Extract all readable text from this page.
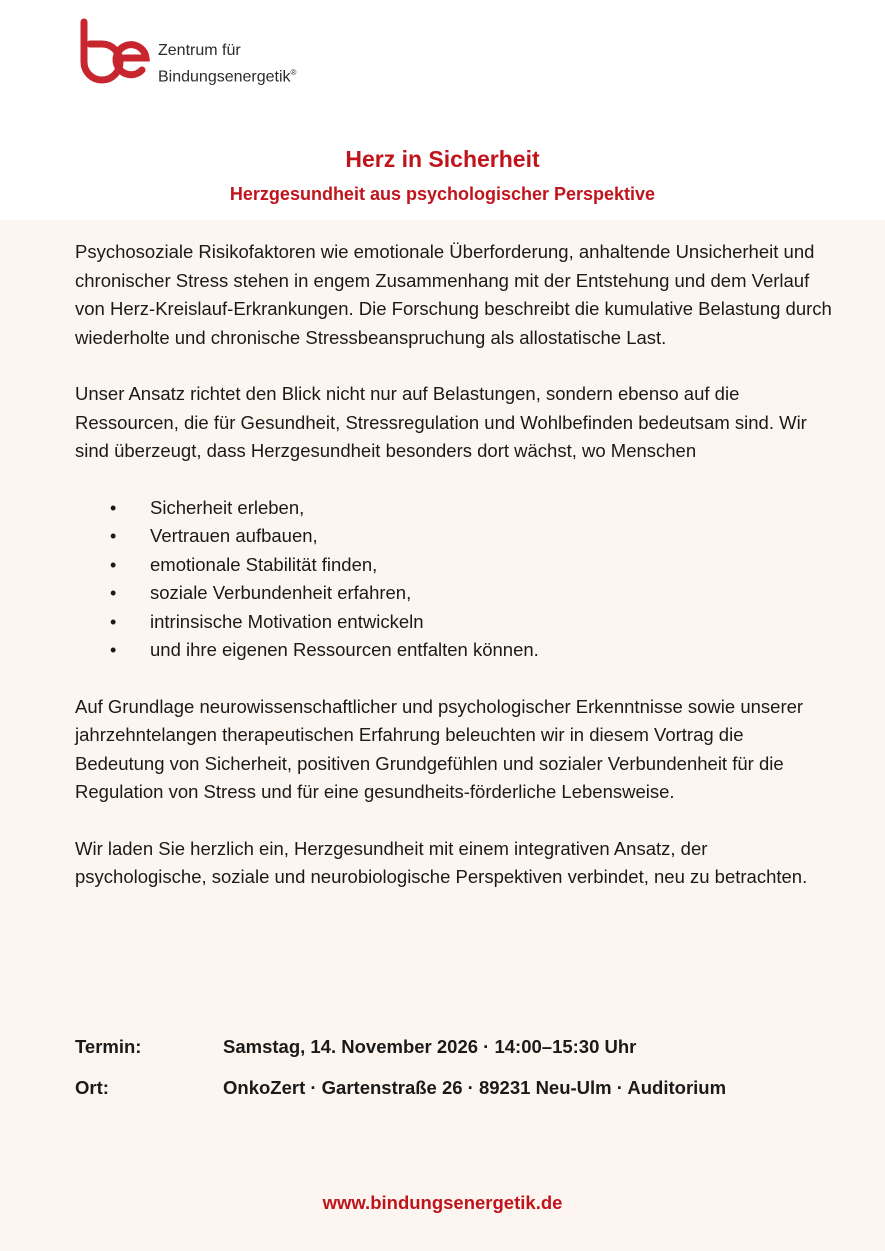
Zentrum für
Bindungsenergetik®
Herz in Sicherheit
Herzgesundheit aus psychologischer Perspektive

Psychosoziale Risikofaktoren wie emotionale Überforderung, anhaltende Unsicherheit und chronischer Stress stehen in engem Zusammenhang mit der Entstehung und dem Verlauf von Herz-Kreislauf-Erkrankungen. Die Forschung beschreibt die kumulative Belastung durch wiederholte und chronische Stressbeanspruchung als allostatische Last.

Unser Ansatz richtet den Blick nicht nur auf Belastungen, sondern ebenso auf die Ressourcen, die für Gesundheit, Stressregulation und Wohlbefinden bedeutsam sind. Wir sind überzeugt, dass Herzgesundheit besonders dort wächst, wo Menschen

• Sicherheit erleben,
• Vertrauen aufbauen,
• emotionale Stabilität finden,
• soziale Verbundenheit erfahren,
• intrinsische Motivation entwickeln
• und ihre eigenen Ressourcen entfalten können.

Auf Grundlage neurowissenschaftlicher und psychologischer Erkenntnisse sowie unserer jahrzehntelangen therapeutischen Erfahrung beleuchten wir in diesem Vortrag die Bedeutung von Sicherheit, positiven Grundgefühlen und sozialer Verbundenheit für die Regulation von Stress und für eine gesundheits-förderliche Lebensweise.

Wir laden Sie herzlich ein, Herzgesundheit mit einem integrativen Ansatz, der psychologische, soziale und neurobiologische Perspektiven verbindet, neu zu betrachten.

Termin:	Samstag, 14. November 2026 · 14:00–15:30 Uhr
Ort:	OnkoZert · Gartenstraße 26 · 89231 Neu-Ulm · Auditorium
www.bindungsenergetik.de
